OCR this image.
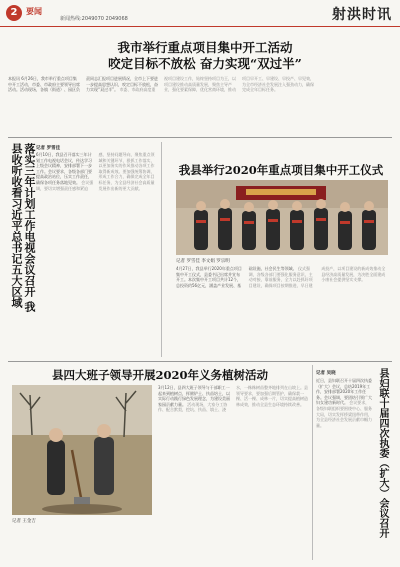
2	要闻
新闻热线:2049070 2049068	射洪时讯
我市举行重点项目集中开工活动
咬定目标不放松 奋力实现“双过半”
本报讯 6月26日，我市举行重点项目集中开工活动，市委、市政府主要领导出席活动。活动现场，各镇（街道）、园区负责同志汇报项目进展情况，全市上下要进一步提高思想认识，咬定目标不放松，奋力实现“双过半”。 市委、市政府高度重视项目建设工作，始终坚持项目为王，以项目建设推动高质量发展，聚焦主导产业，强化要素保障，优化营商环境，推动项目早开工、早建设、早投产、早见效，为全市经济社会发展注入强劲动力，确保完成全年目标任务。
落实三年计划工作电视会议召开 我县收听收看习近平总书记五大区域	记者 罗雪佳
6月10日，我县召开落实三年计划工作电视电话会议，传达学习上级会议精神，安排部署下一步工作。会议要求，各级各部门要提高政治站位，压实工作责任，确保各项任务落地见效。 会议强调，要切实增强责任感和紧迫感，坚持问题导向，聚焦重点领域和关键环节，狠抓工作落实，以更加务实的作风推动各项工作取得新成效。要加强统筹协调，形成工作合力，确保完成全年目标任务，为全县经济社会高质量发展作出新的更大贡献。
我县举行2020年重点项目集中开工仪式
记者 罗雪佳 李文娟 罗宗明
4月27日，我县举行2020年重点项目集中开工仪式，县委书记出席并宣布开工。本次集中开工项目共计12个，总投资约56亿元，涵盖产业发展、基础设施、社会民生等领域。 仪式强调，各级各部门要强化服务意识，主动对接、靠前服务，全力以赴抓好项目建设，确保项目按期推进、早日建成投产，以项目建设的新成效推动全县经济高质量发展，为决胜全面建成小康社会提供坚实支撑。
县四大班子领导开展2020年义务植树活动
记者 王金吉
3月12日，县四大班子领导与干部职工一起来到植树点，挥锹铲土、扶苗培土，以实际行动践行绿色发展理念，为建设美丽家园贡献力量。 活动现场，大家分工协作、配合默契，挖坑、扶苗、填土、浇水，一株株树苗整齐地排列在山坡上。县领导要求，要加强后期管护，确保栽一棵、活一棵、成林一片，切实提高植树造林成效，推动全县生态环境持续改善。	县妇联十届四次执委（扩大）会议召开
记者 吴晓
近日，县妇联召开十届四次执委（扩大）会议，总结2019年工作，安排部署2020年工作任务。会议强调，要团结引领广大妇女建功新时代。 会议要求，各级妇联组织要围绕中心、服务大局，切实发挥桥梁纽带作用，为全县经济社会发展贡献巾帼力量。
